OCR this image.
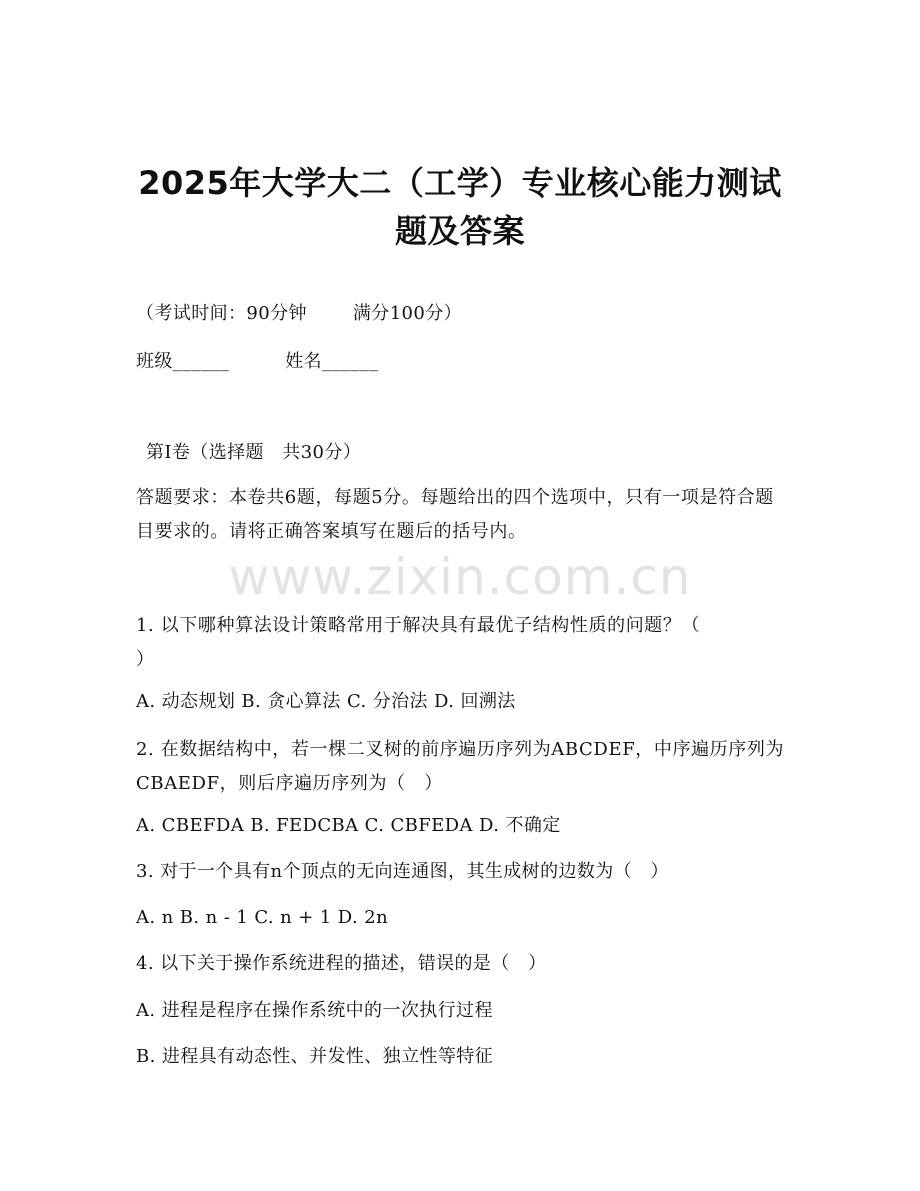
2025年大学大二（工学）专业核心能力测试
题及答案
（考试时间：90分钟	满分100分）
班级______	姓名______
第Ⅰ卷（选择题　共30分）

答题要求：本卷共6题，每题5分。每题给出的四个选项中，只有一项是符合题目要求的。请将正确答案填写在题后的括号内。

www.zixin.com.cn

1. 以下哪种算法设计策略常用于解决具有最优子结构性质的问题？（
）

A. 动态规划 B. 贪心算法 C. 分治法 D. 回溯法

2. 在数据结构中，若一棵二叉树的前序遍历序列为ABCDEF，中序遍历序列为CBAEDF，则后序遍历序列为（　）

A. CBEFDA B. FEDCBA C. CBFEDA D. 不确定
3. 对于一个具有n个顶点的无向连通图，其生成树的边数为（　）
A. n B. n - 1 C. n + 1 D. 2n
4. 以下关于操作系统进程的描述，错误的是（　）
A. 进程是程序在操作系统中的一次执行过程
B. 进程具有动态性、并发性、独立性等特征
